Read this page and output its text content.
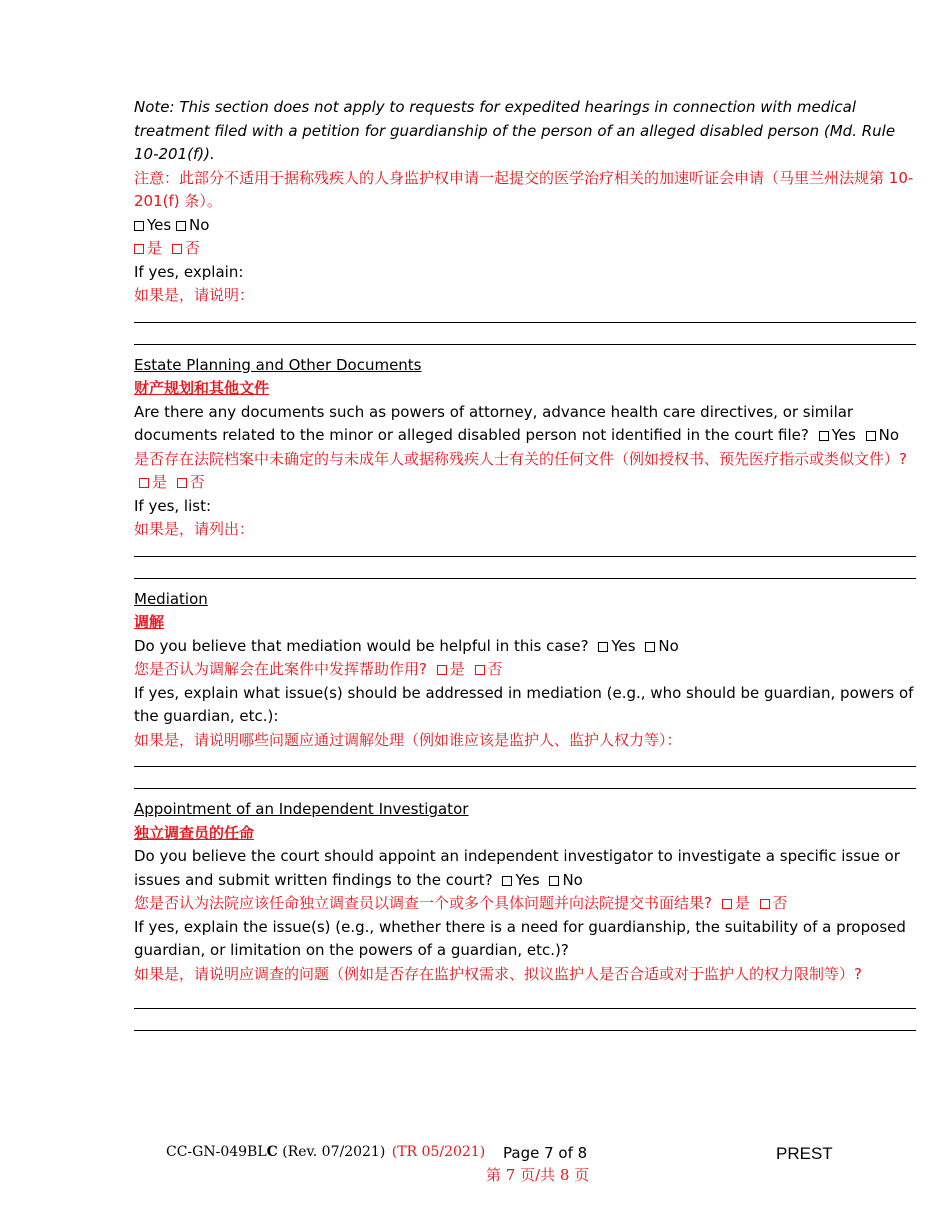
Note: This section does not apply to requests for expedited hearings in connection with medical treatment filed with a petition for guardianship of the person of an alleged disabled person (Md. Rule 10-201(f)).

注意：此部分不适用于据称残疾人的人身监护权申请一起提交的医学治疗相关的加速听证会申请（马里兰州法规第 10-201(f) 条）。

Yes No

是 否

If yes, explain:

如果是，请说明：

Estate Planning and Other Documents

财产规划和其他文件

Are there any documents such as powers of attorney, advance health care directives, or similar documents related to the minor or alleged disabled person not identified in the court file? Yes No

是否存在法院档案中未确定的与未成年人或据称残疾人士有关的任何文件（例如授权书、预先医疗指示或类似文件）? 是 否

If yes, list:

如果是，请列出：

Mediation

调解

Do you believe that mediation would be helpful in this case? Yes No

您是否认为调解会在此案件中发挥帮助作用? 是 否

If yes, explain what issue(s) should be addressed in mediation (e.g., who should be guardian, powers of the guardian, etc.):

如果是，请说明哪些问题应通过调解处理（例如谁应该是监护人、监护人权力等）：

Appointment of an Independent Investigator

独立调查员的任命

Do you believe the court should appoint an independent investigator to investigate a specific issue or issues and submit written findings to the court? Yes No

您是否认为法院应该任命独立调查员以调查一个或多个具体问题并向法院提交书面结果? 是 否

If yes, explain the issue(s) (e.g., whether there is a need for guardianship, the suitability of a proposed guardian, or limitation on the powers of a guardian, etc.)?

如果是，请说明应调查的问题（例如是否存在监护权需求、拟议监护人是否合适或对于监护人的权力限制等）?

CC-GN-049BLC (Rev. 07/2021) (TR 05/2021) Page 7 of 8
第 7 页/共 8 页
PREST
